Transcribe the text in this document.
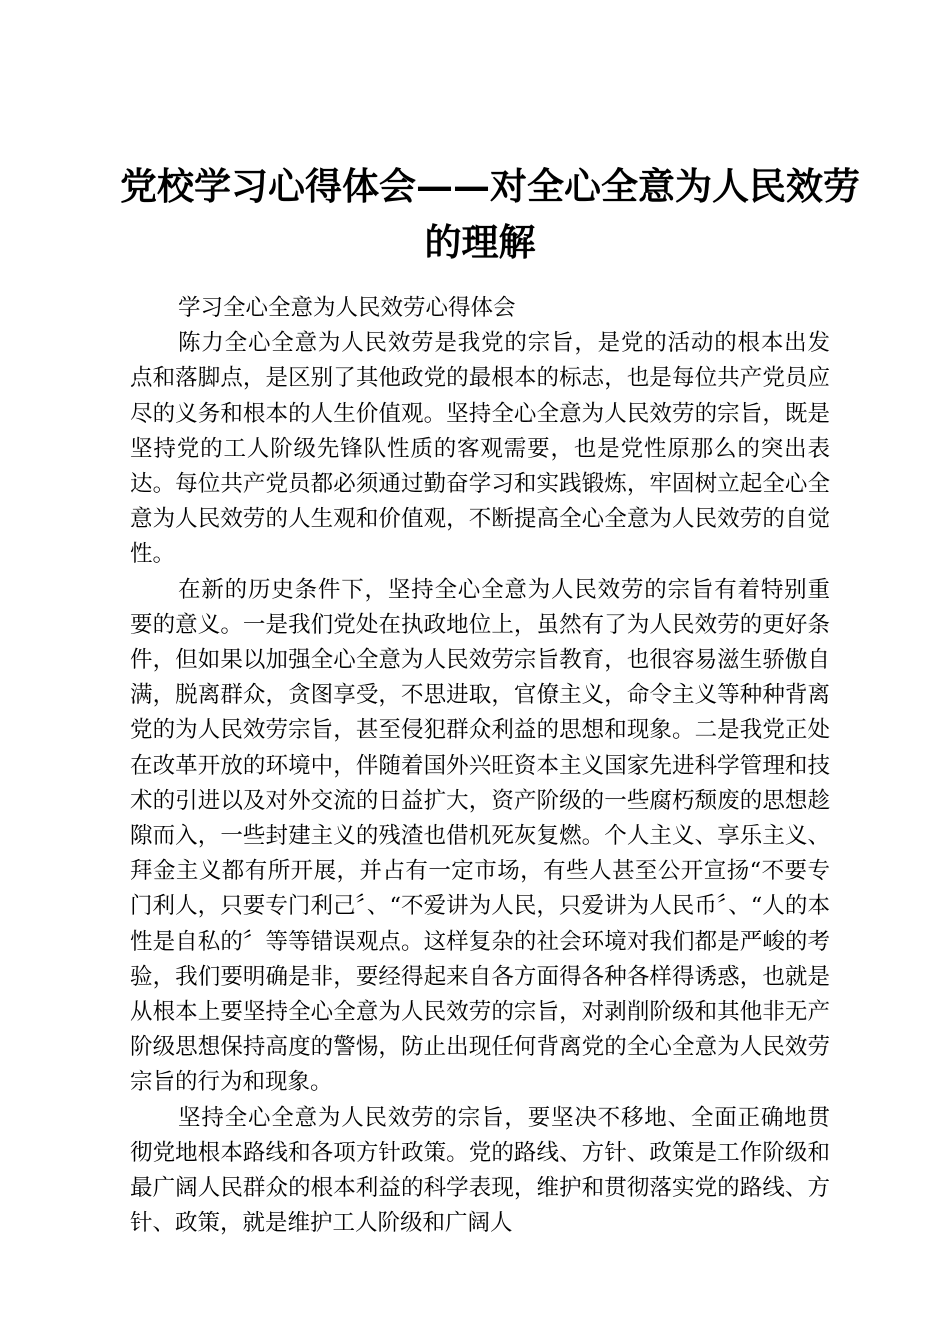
党校学习心得体会——对全心全意为人民效劳
的理解

学习全心全意为人民效劳心得体会

陈力全心全意为人民效劳是我党的宗旨，是党的活动的根本出发点和落脚点，是区别了其他政党的最根本的标志，也是每位共产党员应尽的义务和根本的人生价值观。坚持全心全意为人民效劳的宗旨，既是坚持党的工人阶级先锋队性质的客观需要，也是党性原那么的突出表达。每位共产党员都必须通过勤奋学习和实践锻炼，牢固树立起全心全意为人民效劳的人生观和价值观，不断提高全心全意为人民效劳的自觉性。

在新的历史条件下，坚持全心全意为人民效劳的宗旨有着特别重要的意义。一是我们党处在执政地位上，虽然有了为人民效劳的更好条件，但如果以加强全心全意为人民效劳宗旨教育，也很容易滋生骄傲自满，脱离群众，贪图享受，不思进取，官僚主义，命令主义等种种背离党的为人民效劳宗旨，甚至侵犯群众利益的思想和现象。二是我党正处在改革开放的环境中，伴随着国外兴旺资本主义国家先进科学管理和技术的引进以及对外交流的日益扩大，资产阶级的一些腐朽颓废的思想趁隙而入，一些封建主义的残渣也借机死灰复燃。个人主义、享乐主义、拜金主义都有所开展，并占有一定市场，有些人甚至公开宣扬“不要专门利人，只要专门利己〞、“不爱讲为人民，只爱讲为人民币〞、“人的本性是自私的〞等等错误观点。这样复杂的社会环境对我们都是严峻的考验，我们要明确是非，要经得起来自各方面得各种各样得诱惑，也就是从根本上要坚持全心全意为人民效劳的宗旨，对剥削阶级和其他非无产阶级思想保持高度的警惕，防止出现任何背离党的全心全意为人民效劳宗旨的行为和现象。

坚持全心全意为人民效劳的宗旨，要坚决不移地、全面正确地贯彻党地根本路线和各项方针政策。党的路线、方针、政策是工作阶级和最广阔人民群众的根本利益的科学表现，维护和贯彻落实党的路线、方针、政策，就是维护工人阶级和广阔人
